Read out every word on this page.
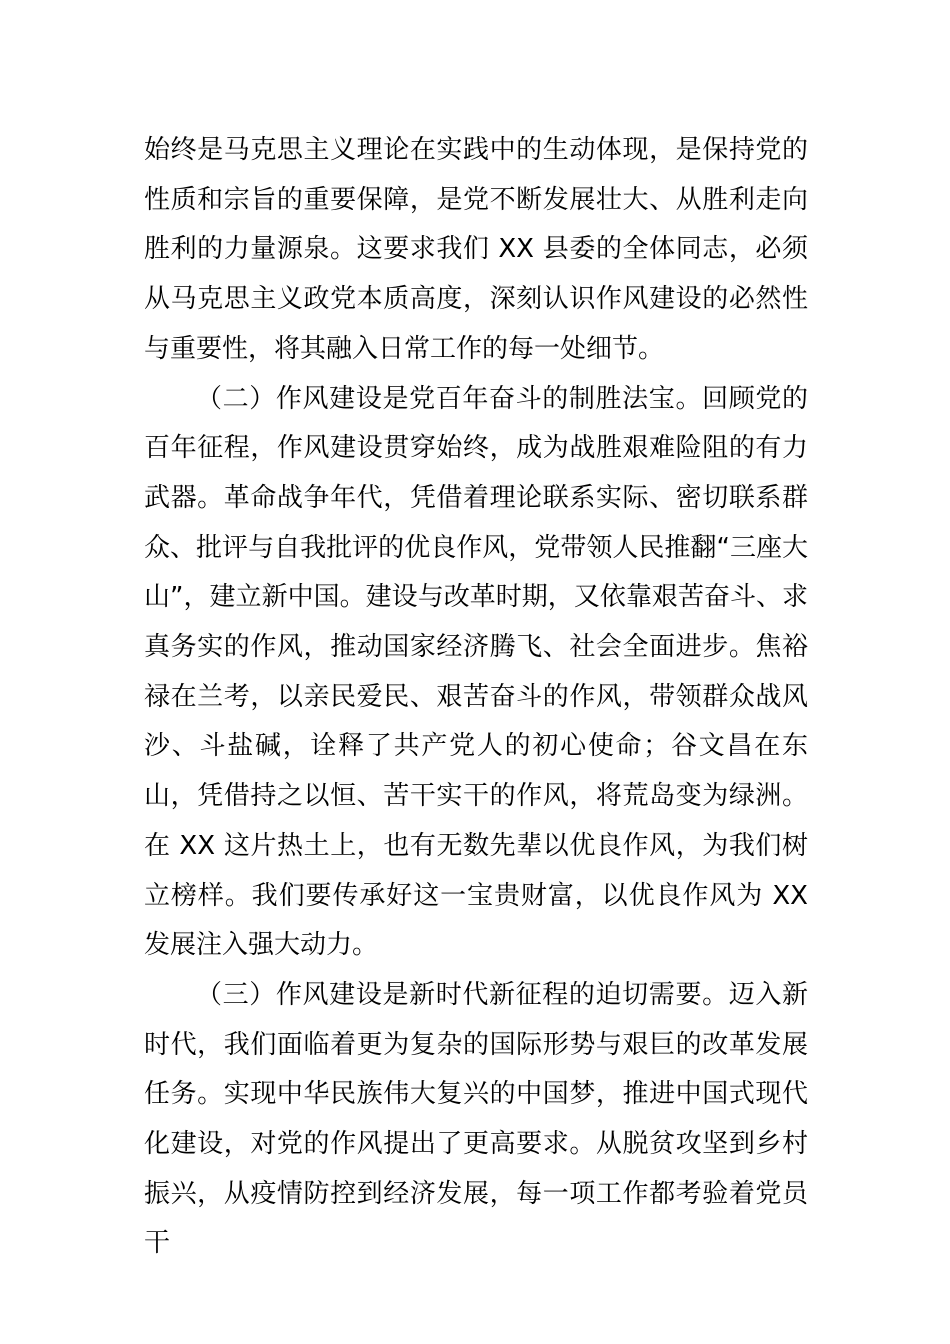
始终是马克思主义理论在实践中的生动体现，是保持党的性质和宗旨的重要保障，是党不断发展壮大、从胜利走向胜利的力量源泉。这要求我们 XX 县委的全体同志，必须从马克思主义政党本质高度，深刻认识作风建设的必然性与重要性，将其融入日常工作的每一处细节。

（二）作风建设是党百年奋斗的制胜法宝。回顾党的百年征程，作风建设贯穿始终，成为战胜艰难险阻的有力武器。革命战争年代，凭借着理论联系实际、密切联系群众、批评与自我批评的优良作风，党带领人民推翻“三座大山”，建立新中国。建设与改革时期，又依靠艰苦奋斗、求真务实的作风，推动国家经济腾飞、社会全面进步。焦裕禄在兰考，以亲民爱民、艰苦奋斗的作风，带领群众战风沙、斗盐碱，诠释了共产党人的初心使命；谷文昌在东山，凭借持之以恒、苦干实干的作风，将荒岛变为绿洲。在 XX 这片热土上，也有无数先辈以优良作风，为我们树立榜样。我们要传承好这一宝贵财富，以优良作风为 XX 发展注入强大动力。

（三）作风建设是新时代新征程的迫切需要。迈入新时代，我们面临着更为复杂的国际形势与艰巨的改革发展任务。实现中华民族伟大复兴的中国梦，推进中国式现代化建设，对党的作风提出了更高要求。从脱贫攻坚到乡村振兴，从疫情防控到经济发展，每一项工作都考验着党员干
